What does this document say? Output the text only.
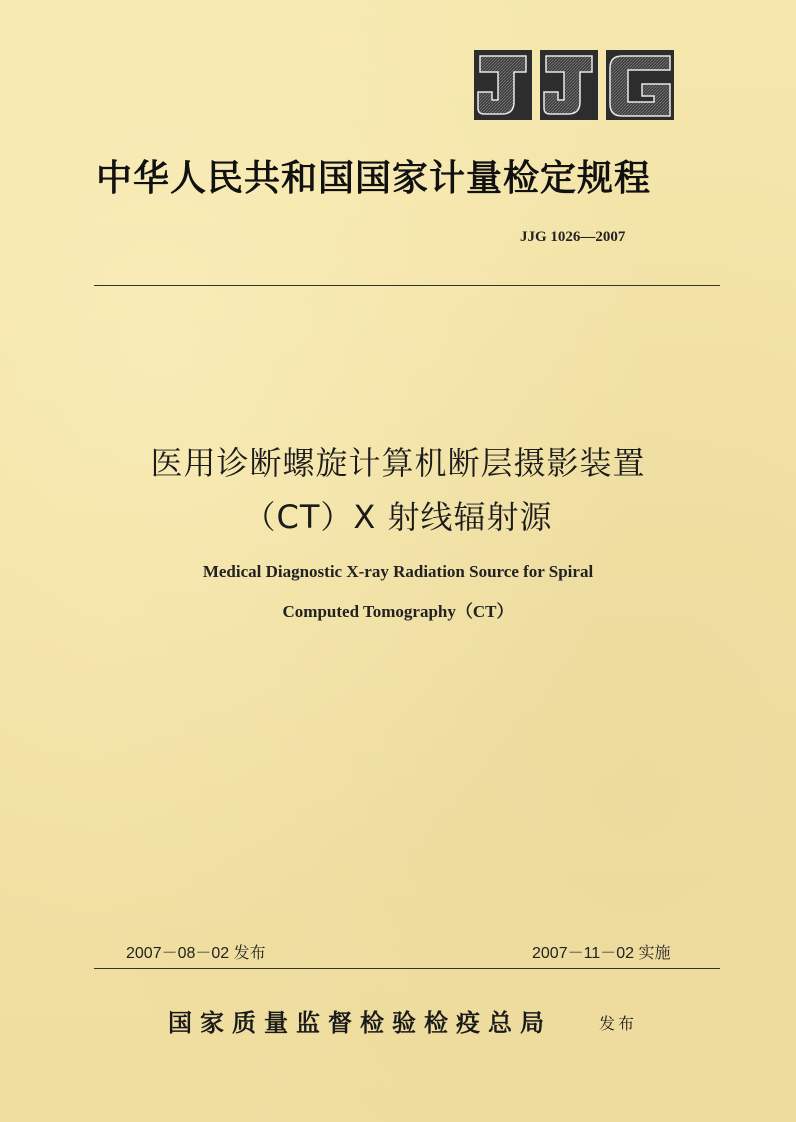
中华人民共和国国家计量检定规程
JJG 1026—2007
医用诊断螺旋计算机断层摄影装置
（CT）X 射线辐射源
Medical Diagnostic X-ray Radiation Source for Spiral
Computed Tomography（CT）
2007－08－02 发布	2007－11－02 实施
国家质量监督检验检疫总局	发布
